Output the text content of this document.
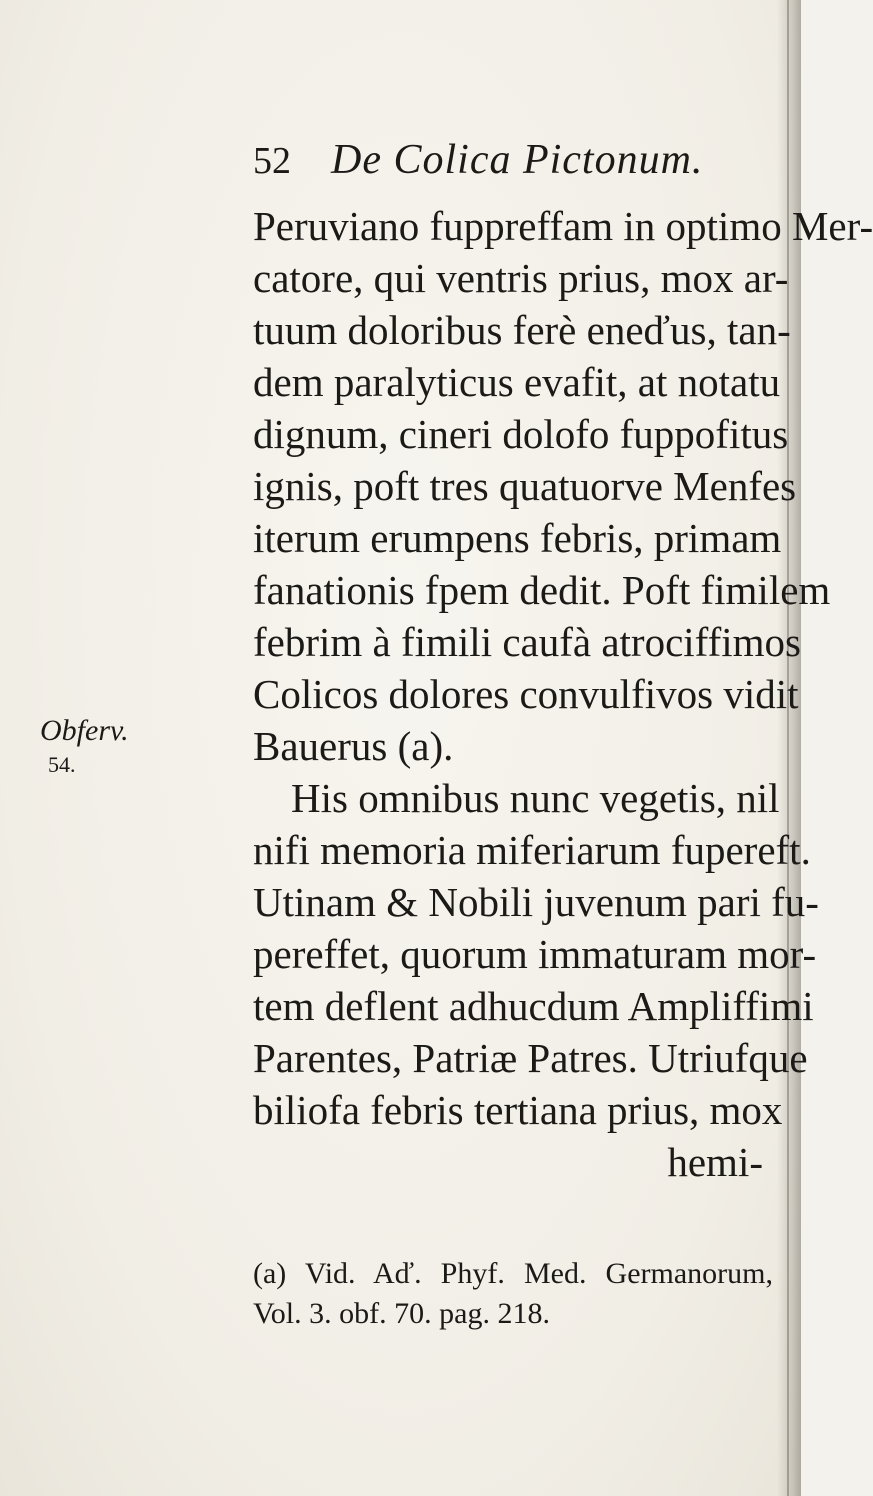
52 De Colica Pictonum.
Obferv.
54.
Peruviano fuppreffam in optimo Mer-
catore, qui ventris prius, mox ar-
tuum doloribus ferè eneďus, tan-
dem paralyticus evafit, at notatu
dignum, cineri dolofo fuppofitus
ignis, poft tres quatuorve Menfes
iterum erumpens febris, primam
fanationis fpem dedit. Poft fimilem
febrim à fimili caufà atrociffimos
Colicos dolores convulfivos vidit
Bauerus (a).
His omnibus nunc vegetis, nil
nifi memoria miferiarum fupereft.
Utinam & Nobili juvenum pari fu-
pereffet, quorum immaturam mor-
tem deflent adhucdum Ampliffimi
Parentes, Patriæ Patres. Utriufque
biliofa febris tertiana prius, mox
hemi-
(a) Vid. Aď. Phyf. Med. Germanorum,
Vol. 3. obf. 70. pag. 218.
